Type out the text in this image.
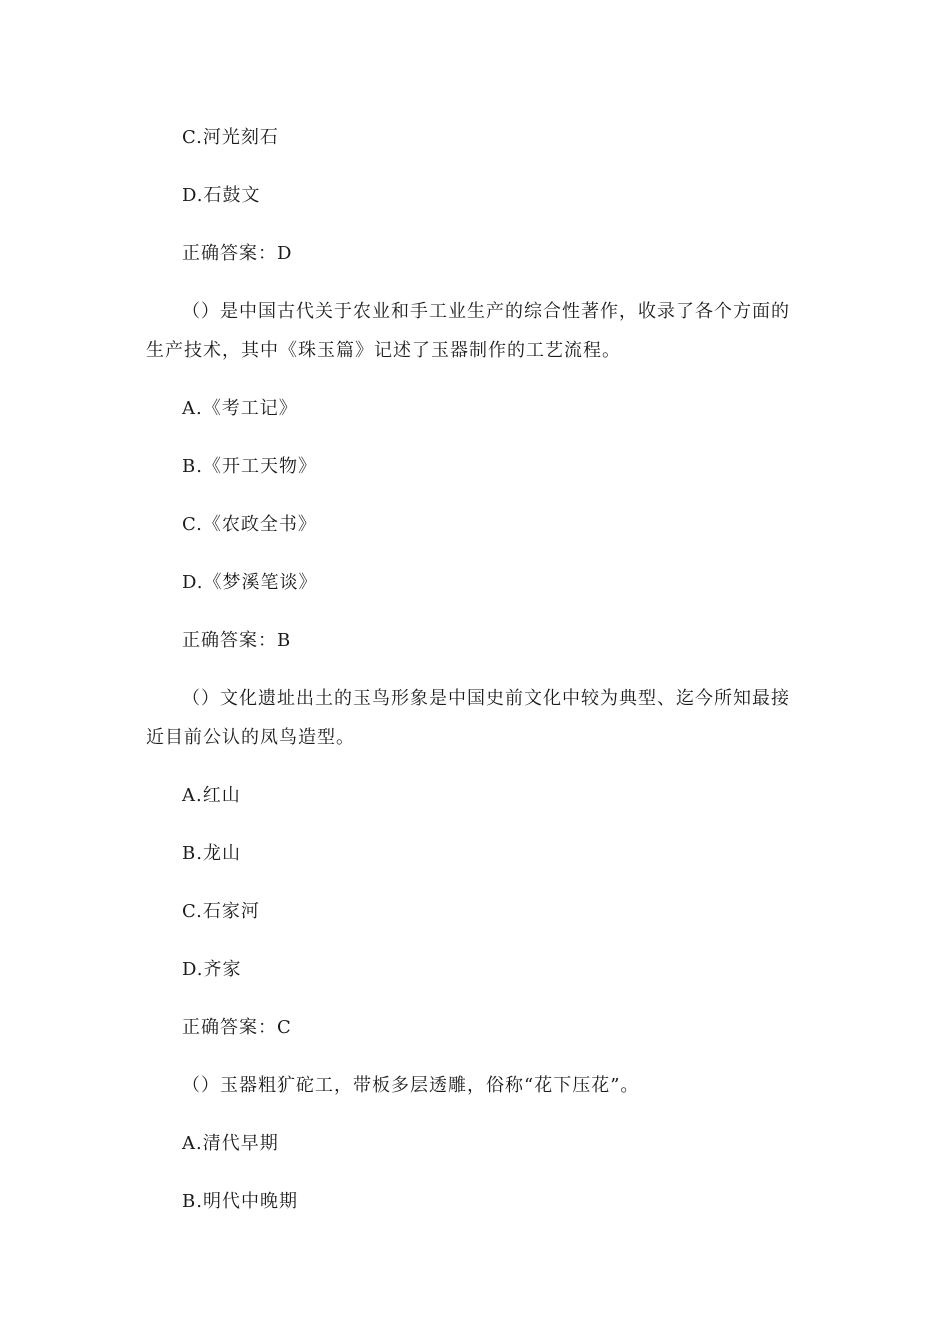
C.河光刻石
D.石鼓文
正确答案：D
（）是中国古代关于农业和手工业生产的综合性著作，收录了各个方面的
生产技术，其中《珠玉篇》记述了玉器制作的工艺流程。
A.《考工记》
B.《开工天物》
C.《农政全书》
D.《梦溪笔谈》
正确答案：B
（）文化遗址出土的玉鸟形象是中国史前文化中较为典型、迄今所知最接
近目前公认的凤鸟造型。
A.红山
B.龙山
C.石家河
D.齐家
正确答案：C
（）玉器粗犷砣工，带板多层透雕，俗称“花下压花”。
A.清代早期
B.明代中晚期
